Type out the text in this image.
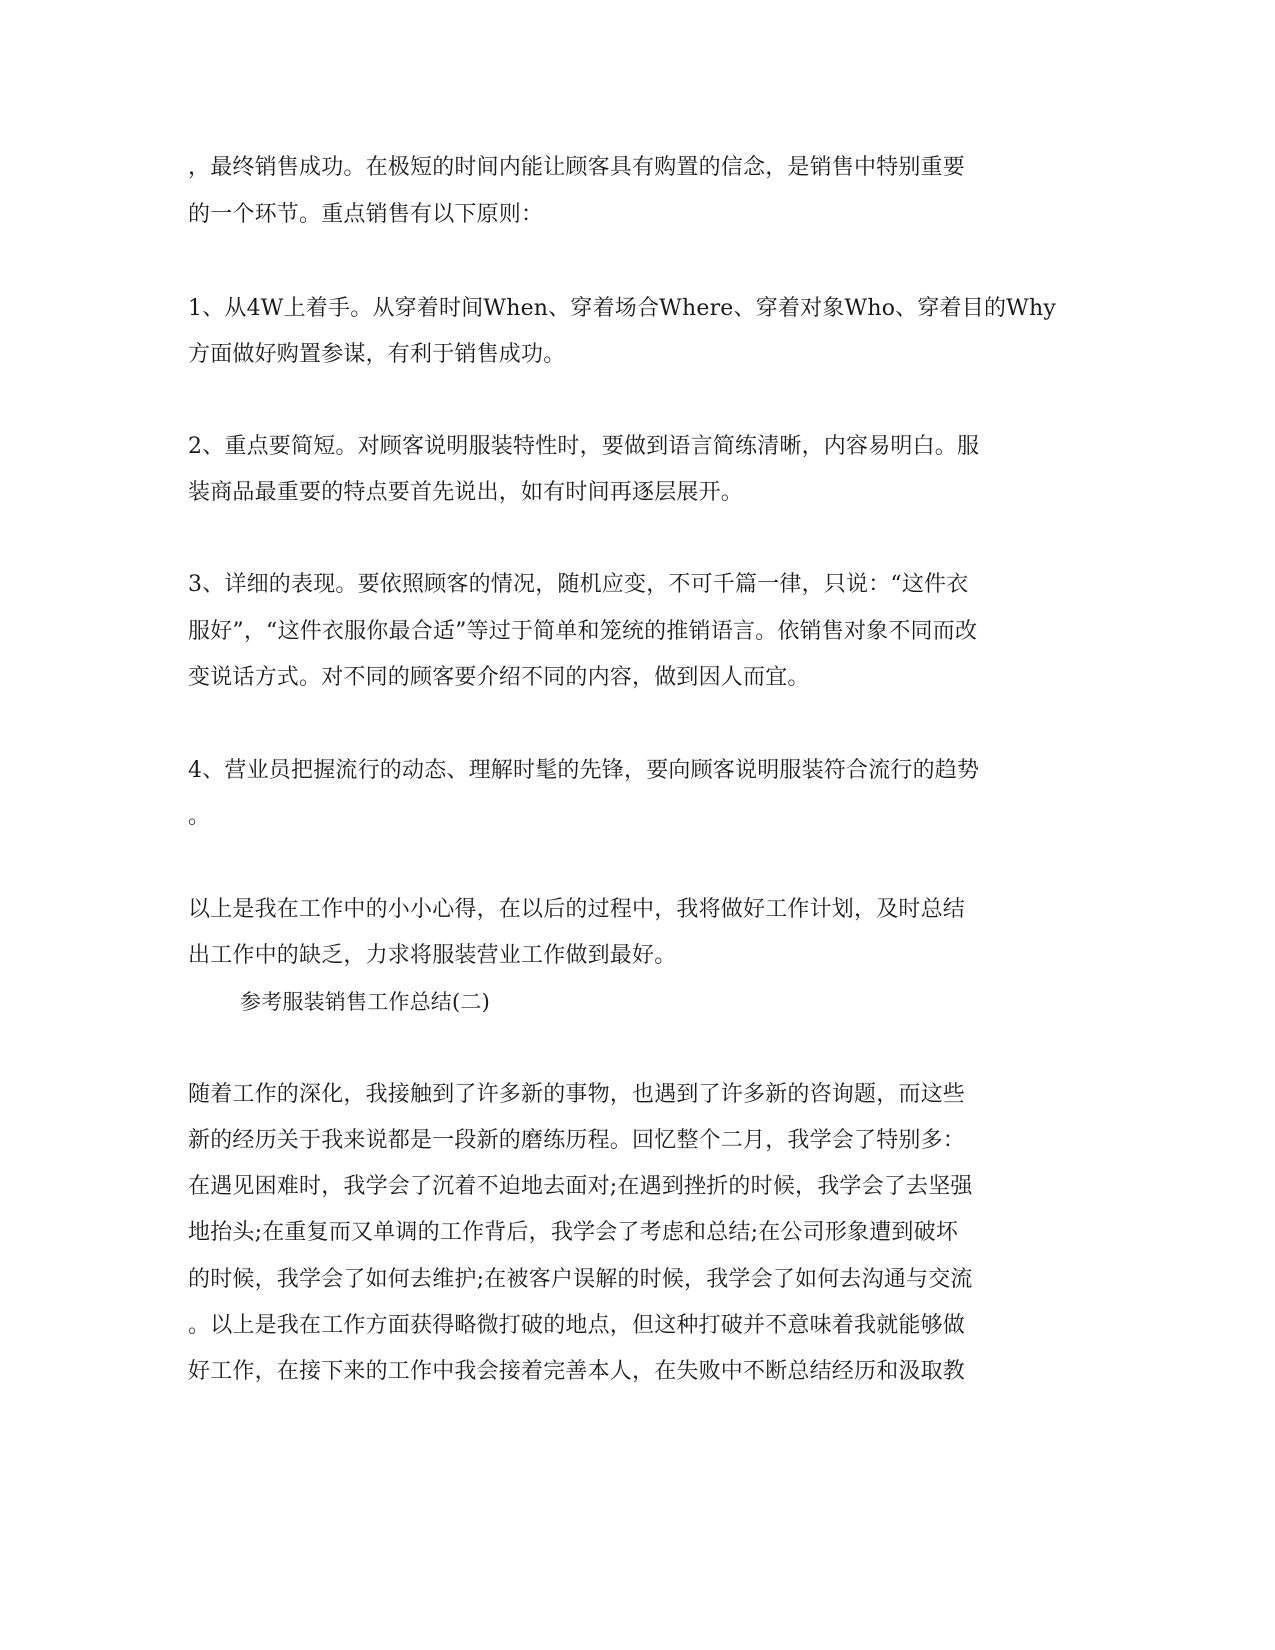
，最终销售成功。在极短的时间内能让顾客具有购置的信念，是销售中特别重要
的一个环节。重点销售有以下原则：
1、从4W上着手。从穿着时间When、穿着场合Where、穿着对象Who、穿着目的Why
方面做好购置参谋，有利于销售成功。
2、重点要简短。对顾客说明服装特性时，要做到语言简练清晰，内容易明白。服
装商品最重要的特点要首先说出，如有时间再逐层展开。
3、详细的表现。要依照顾客的情况，随机应变，不可千篇一律，只说：“这件衣
服好”，“这件衣服你最合适”等过于简单和笼统的推销语言。依销售对象不同而改
变说话方式。对不同的顾客要介绍不同的内容，做到因人而宜。
4、营业员把握流行的动态、理解时髦的先锋，要向顾客说明服装符合流行的趋势
。
以上是我在工作中的小小心得，在以后的过程中，我将做好工作计划，及时总结
出工作中的缺乏，力求将服装营业工作做到最好。
参考服装销售工作总结(二)
随着工作的深化，我接触到了许多新的事物，也遇到了许多新的咨询题，而这些
新的经历关于我来说都是一段新的磨练历程。回忆整个二月，我学会了特别多：
在遇见困难时，我学会了沉着不迫地去面对;在遇到挫折的时候，我学会了去坚强
地抬头;在重复而又单调的工作背后，我学会了考虑和总结;在公司形象遭到破坏
的时候，我学会了如何去维护;在被客户误解的时候，我学会了如何去沟通与交流
。以上是我在工作方面获得略微打破的地点，但这种打破并不意味着我就能够做
好工作，在接下来的工作中我会接着完善本人，在失败中不断总结经历和汲取教
